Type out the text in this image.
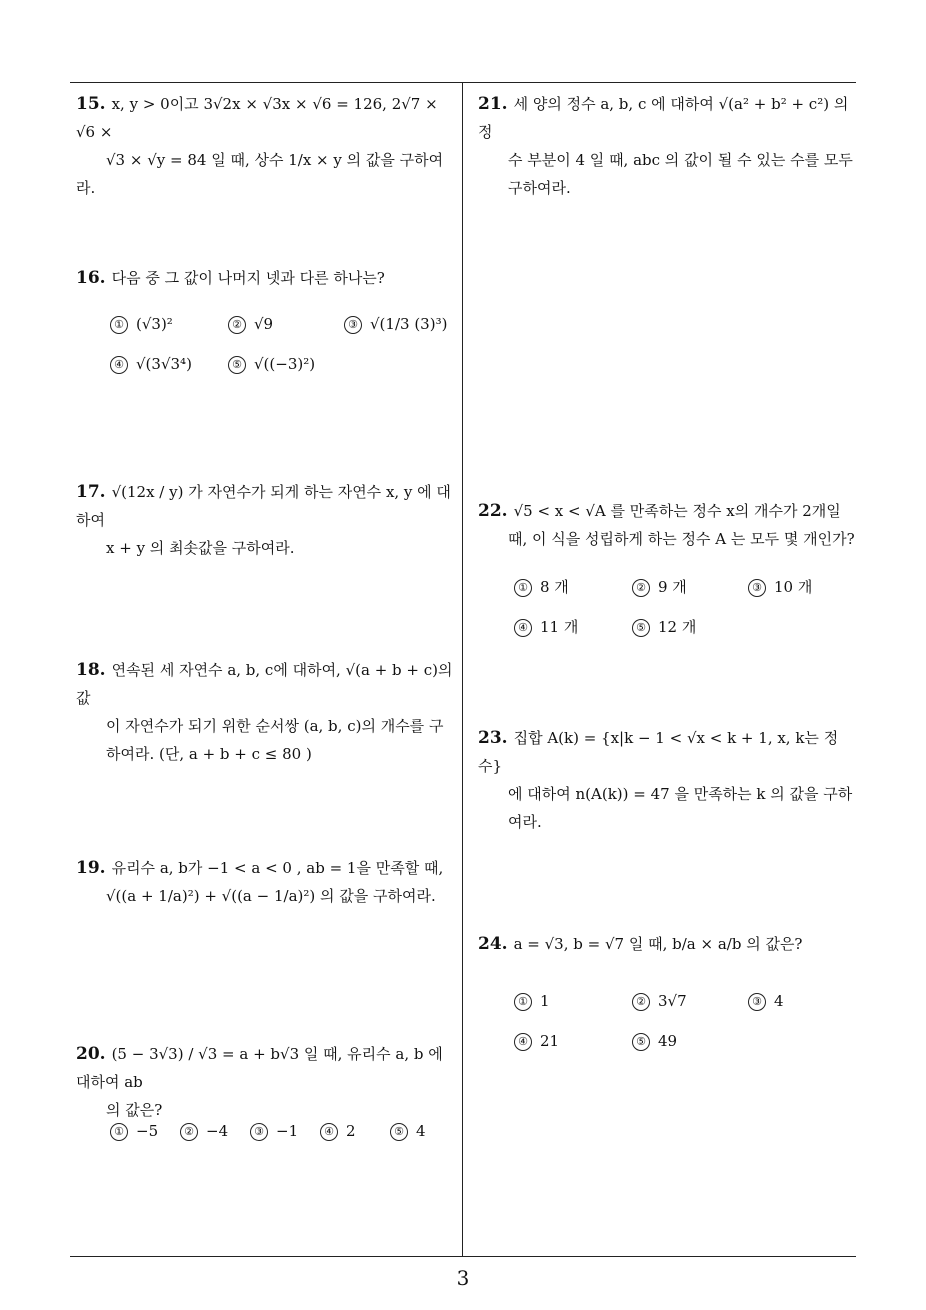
15. x, y > 0이고 3√2x × √3x × √6 = 126, 2√7 × √6 ×
√3 × √y = 84 일 때, 상수 1/x × y 의 값을 구하여라.
16. 다음 중 그 값이 나머지 넷과 다른 하나는?
① (√3)²	② √9	③ √(1/3 (3)³)
④ √(3√3⁴)	⑤ √((−3)²)
17. √(12x / y) 가 자연수가 되게 하는 자연수 x, y 에 대하여
x + y 의 최솟값을 구하여라.
18. 연속된 세 자연수 a, b, c에 대하여, √(a + b + c)의 값
이 자연수가 되기 위한 순서쌍 (a, b, c)의 개수를 구
하여라. (단, a + b + c ≤ 80 )
19. 유리수 a, b가 −1 < a < 0 , ab = 1을 만족할 때,
√((a + 1/a)²) + √((a − 1/a)²) 의 값을 구하여라.
20. (5 − 3√3) / √3 = a + b√3 일 때, 유리수 a, b 에 대하여 ab
의 값은?
① −5	② −4	③ −1	④ 2	⑤ 4
21. 세 양의 정수 a, b, c 에 대하여 √(a² + b² + c²) 의 정
수 부분이 4 일 때, abc 의 값이 될 수 있는 수를 모두
구하여라.
22. √5 < x < √A 를 만족하는 정수 x의 개수가 2개일
때, 이 식을 성립하게 하는 정수 A 는 모두 몇 개인가?
① 8 개	② 9 개	③ 10 개
④ 11 개	⑤ 12 개
23. 집합 A(k) = {x|k − 1 < √x < k + 1, x, k는 정수}
에 대하여 n(A(k)) = 47 을 만족하는 k 의 값을 구하
여라.
24. a = √3, b = √7 일 때, b/a × a/b 의 값은?
① 1	② 3√7	③ 4
④ 21	⑤ 49
3
